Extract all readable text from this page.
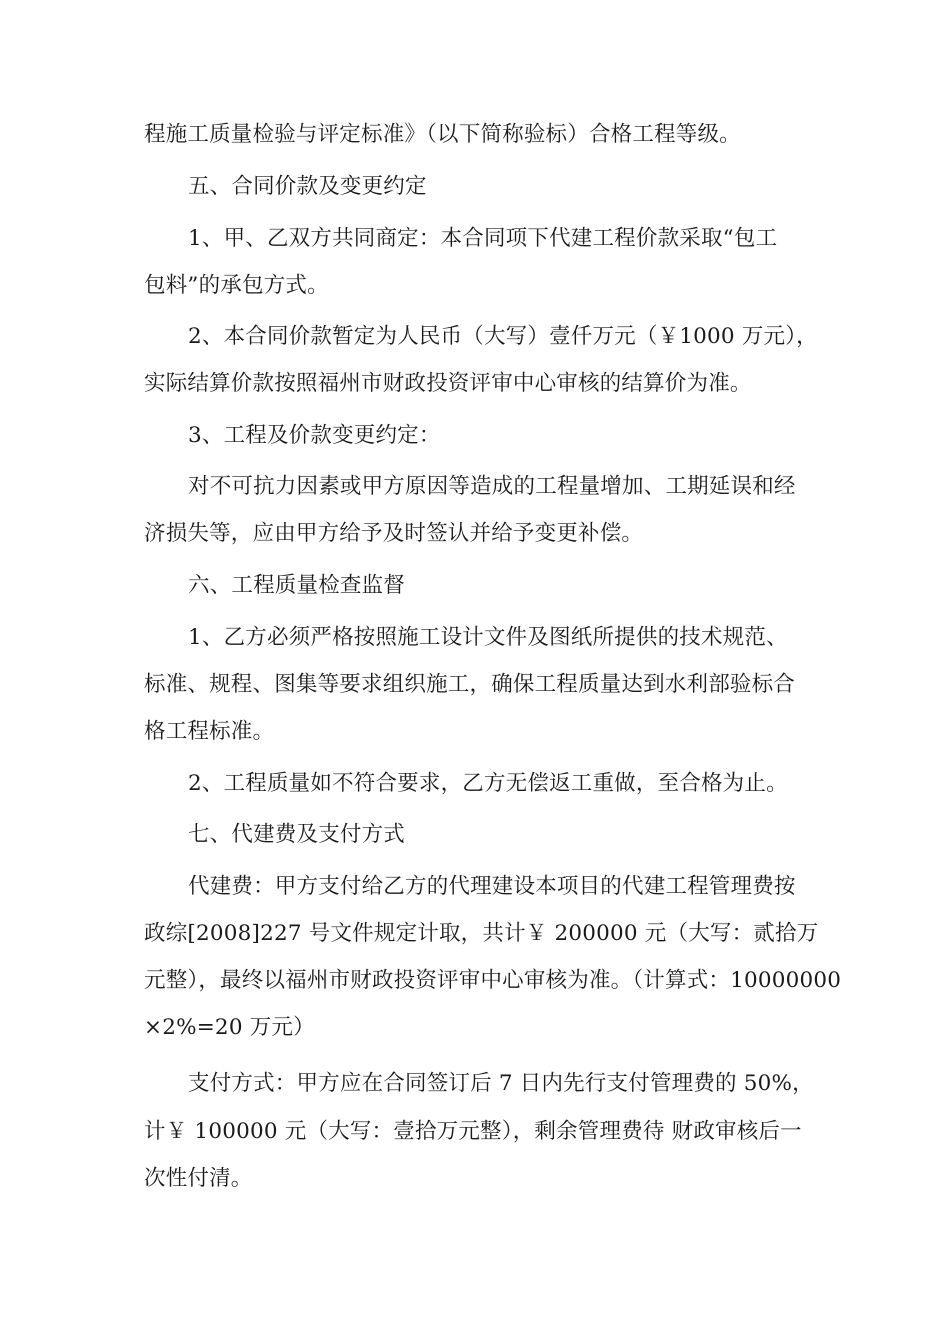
程施工质量检验与评定标准》（以下简称验标）合格工程等级。
五、合同价款及变更约定
1、甲、乙双方共同商定：本合同项下代建工程价款采取“包工
包料”的承包方式。
2、本合同价款暂定为人民币（大写）壹仟万元（￥1000 万元），
实际结算价款按照福州市财政投资评审中心审核的结算价为准。
3、工程及价款变更约定：
对不可抗力因素或甲方原因等造成的工程量增加、工期延误和经
济损失等，应由甲方给予及时签认并给予变更补偿。
六、工程质量检查监督
1、乙方必须严格按照施工设计文件及图纸所提供的技术规范、
标准、规程、图集等要求组织施工，确保工程质量达到水利部验标合
格工程标准。
2、工程质量如不符合要求，乙方无偿返工重做，至合格为止。
七、代建费及支付方式
代建费：甲方支付给乙方的代理建设本项目的代建工程管理费按
政综[2008]227 号文件规定计取，共计￥ 200000 元（大写：贰拾万
元整），最终以福州市财政投资评审中心审核为准。（计算式：10000000
×2%=20 万元）
支付方式：甲方应在合同签订后 7 日内先行支付管理费的 50%，
计￥ 100000 元（大写：壹拾万元整），剩余管理费待 财政审核后一
次性付清。
